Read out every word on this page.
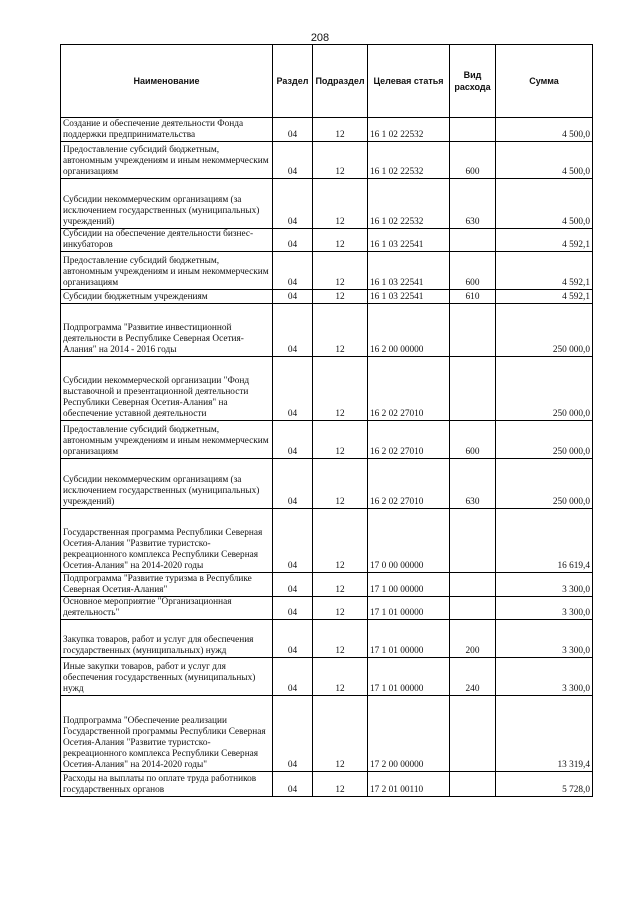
208
Наименование	Раздел	Подраздел	Целевая статья	Вид расхода	Сумма
Создание и обеспечение деятельности Фонда поддержки предпринимательства	04	12	16 1 02 22532		4 500,0
Предоставление субсидий бюджетным, автономным учреждениям и иным некоммерческим организациям	04	12	16 1 02 22532	600	4 500,0
Субсидии некоммерческим организациям (за исключением государственных (муниципальных) учреждений)	04	12	16 1 02 22532	630	4 500,0
Субсидии на обеспечение деятельности бизнес-инкубаторов	04	12	16 1 03 22541		4 592,1
Предоставление субсидий бюджетным, автономным учреждениям и иным некоммерческим организациям	04	12	16 1 03 22541	600	4 592,1
Субсидии бюджетным учреждениям	04	12	16 1 03 22541	610	4 592,1
Подпрограмма "Развитие инвестиционной деятельности в Республике Северная Осетия-Алания" на 2014 - 2016 годы	04	12	16 2 00 00000		250 000,0
Субсидии некоммерческой организации "Фонд выставочной и презентационной деятельности Республики Северная Осетия-Алания" на обеспечение уставной деятельности	04	12	16 2 02 27010		250 000,0
Предоставление субсидий бюджетным, автономным учреждениям и иным некоммерческим организациям	04	12	16 2 02 27010	600	250 000,0
Субсидии некоммерческим организациям (за исключением государственных (муниципальных) учреждений)	04	12	16 2 02 27010	630	250 000,0
Государственная программа Республики Северная Осетия-Алания "Развитие туристско-рекреационного комплекса Республики Северная Осетия-Алания" на 2014-2020 годы	04	12	17 0 00 00000		16 619,4
Подпрограмма "Развитие туризма в Республике Северная Осетия-Алания"	04	12	17 1 00 00000		3 300,0
Основное мероприятие "Организационная деятельность"	04	12	17 1 01 00000		3 300,0
Закупка товаров, работ и услуг для обеспечения государственных (муниципальных) нужд	04	12	17 1 01 00000	200	3 300,0
Иные закупки товаров, работ и услуг для обеспечения государственных (муниципальных) нужд	04	12	17 1 01 00000	240	3 300,0
Подпрограмма "Обеспечение реализации Государственной программы Республики Северная Осетия-Алания "Развитие туристско-рекреационного комплекса Республики Северная Осетия-Алания" на 2014-2020 годы"	04	12	17 2 00 00000		13 319,4
Расходы на выплаты по оплате труда работников государственных органов	04	12	17 2 01 00110		5 728,0
